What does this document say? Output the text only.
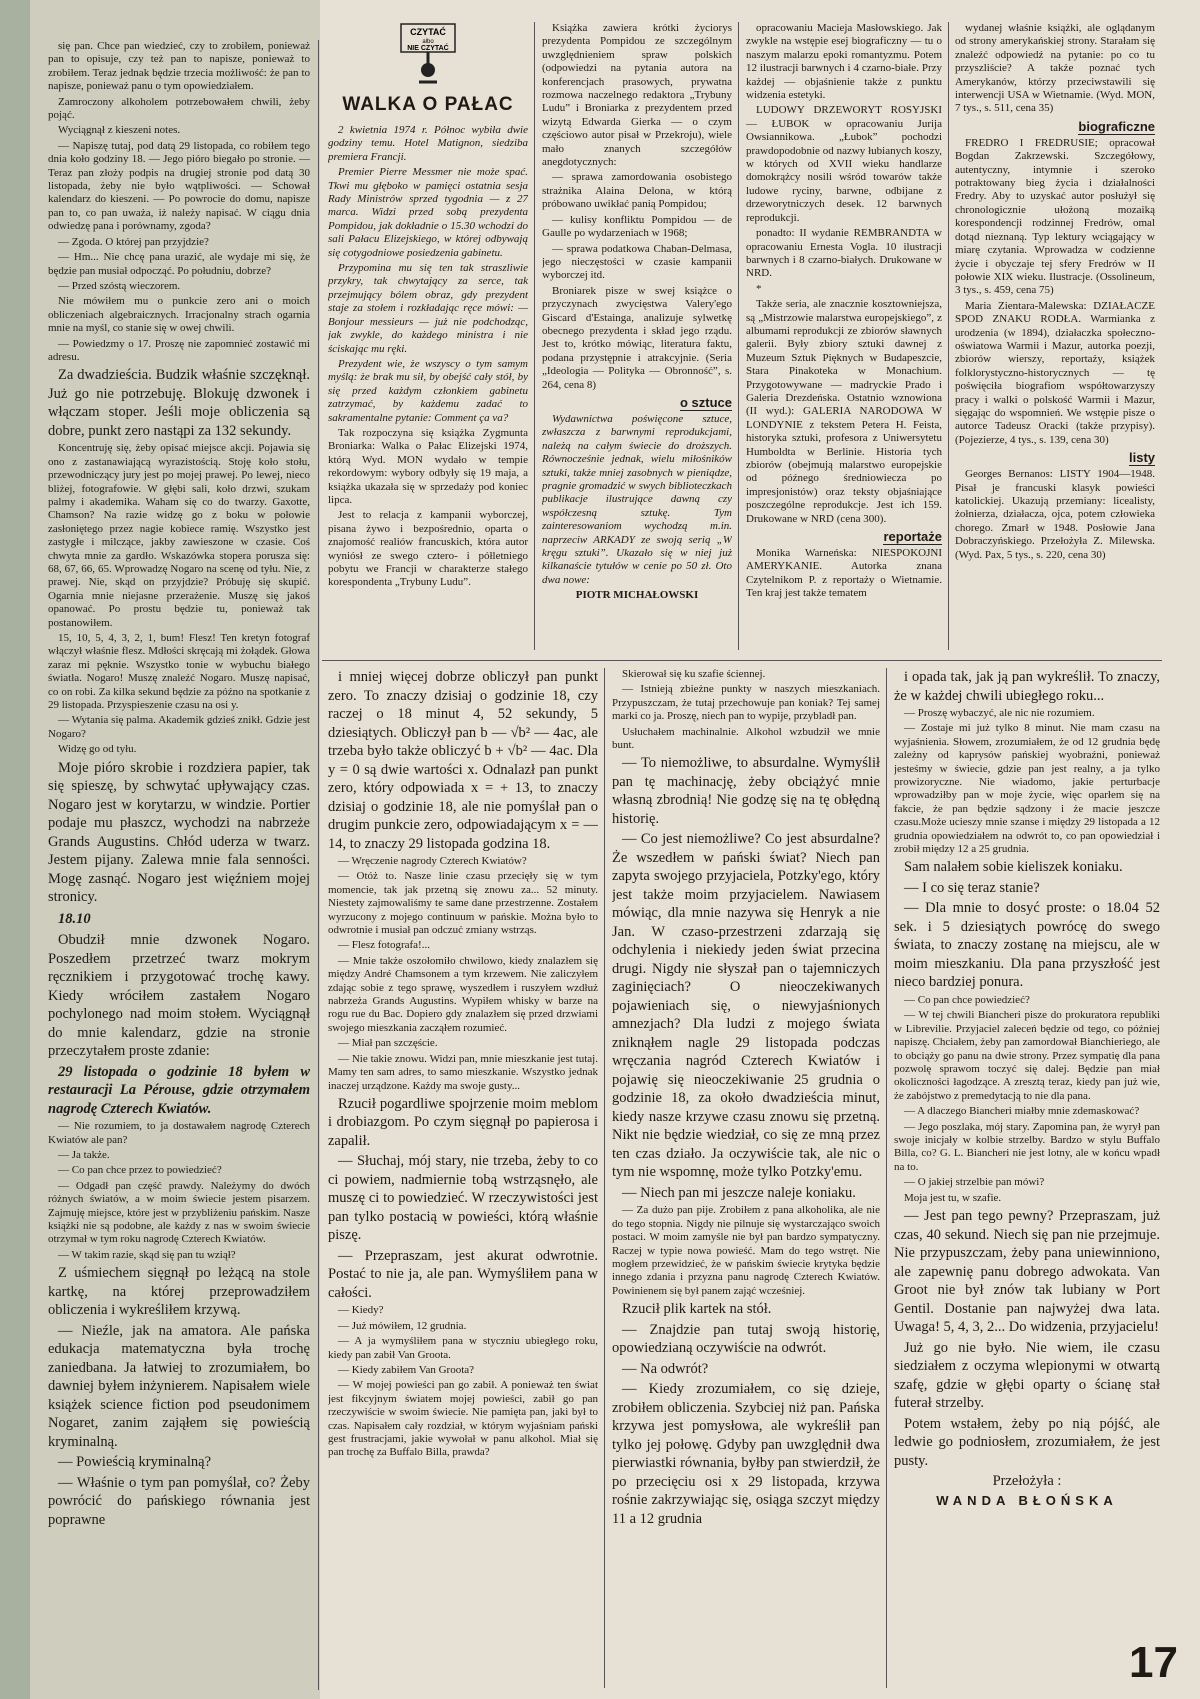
się pan. Chce pan wiedzieć, czy to zrobiłem, ponieważ pan to opisuje, czy też pan to napisze, ponieważ to zrobiłem. Teraz jednak będzie trzecia możliwość: że pan to napisze, ponieważ panu o tym opowiedziałem.

Zamroczony alkoholem potrzebowałem chwili, żeby pojąć.

Wyciągnął z kieszeni notes.

— Napiszę tutaj, pod datą 29 listopada, co robiłem tego dnia koło godziny 18. — Jego pióro biegało po stronie. — Teraz pan złoży podpis na drugiej stronie pod datą 30 listopada, żeby nie było wątpliwości. — Schował kalendarz do kieszeni. — Po powrocie do domu, napisze pan to, co pan uważa, iż należy napisać. W ciągu dnia odwiedzę pana i porównamy, zgoda?

— Zgoda. O której pan przyjdzie?

— Hm... Nie chcę pana urazić, ale wydaje mi się, że będzie pan musiał odpocząć. Po południu, dobrze?

— Przed szóstą wieczorem.

Nie mówiłem mu o punkcie zero ani o moich obliczeniach algebraicznych. Irracjonalny strach ogarnia mnie na myśl, co stanie się w owej chwili.

— Powiedzmy o 17. Proszę nie zapomnieć zostawić mi adresu.

Za dwadzieścia. Budzik właśnie szczęknął. Już go nie potrzebuję. Blokuję dzwonek i włączam stoper. Jeśli moje obliczenia są dobre, punkt zero nastąpi za 132 sekundy.

Koncentruję się, żeby opisać miejsce akcji. Pojawia się ono z zastanawiającą wyrazistością. Stoję koło stołu, przewodniczący jury jest po mojej prawej. Po lewej, nieco bliżej, fotografowie. W głębi sali, koło drzwi, szukam palmy i akademika. Waham się co do twarzy. Gaxotte, Chamson? Na razie widzę go z boku w połowie zasłoniętego przez nagie kobiece ramię. Wszystko jest zastygłe i milczące, jakby zawieszone w czasie. Coś chwyta mnie za gardło. Wskazówka stopera porusza się: 68, 67, 66, 65. Wprowadzę Nogaro na scenę od tyłu. Nie, z prawej. Nie, skąd on przyjdzie? Próbuję się skupić. Ogarnia mnie niejasne przerażenie. Muszę się jakoś opanować. Po prostu będzie tu, ponieważ tak postanowiłem.

15, 10, 5, 4, 3, 2, 1, bum! Flesz! Ten kretyn fotograf włączył właśnie flesz. Mdłości skręcają mi żołądek. Głowa zaraz mi pęknie. Wszystko tonie w wybuchu białego światła. Nogaro! Muszę znaleźć Nogaro. Muszę napisać, co on robi. Za kilka sekund będzie za późno na spotkanie z 29 listopada. Przyspieszenie czasu na osi y.

— Wytania się palma. Akademik gdzieś znikł. Gdzie jest Nogaro?

Widzę go od tyłu.

Moje pióro skrobie i rozdziera papier, tak się spieszę, by schwytać upływający czas. Nogaro jest w korytarzu, w windzie. Portier podaje mu płaszcz, wychodzi na nabrzeże Grands Augustins. Chłód uderza w twarz. Jestem pijany. Zalewa mnie fala senności. Mogę zasnąć. Nogaro jest więźniem mojej stronicy.

18.10

Obudził mnie dzwonek Nogaro. Poszedłem przetrzeć twarz mokrym ręcznikiem i przygotować trochę kawy. Kiedy wróciłem zastałem Nogaro pochylonego nad moim stołem. Wyciągnął do mnie kalendarz, gdzie na stronie przeczytałem proste zdanie:

29 listopada o godzinie 18 byłem w restauracji La Pérouse, gdzie otrzymałem nagrodę Czterech Kwiatów.

— Nie rozumiem, to ja dostawałem nagrodę Czterech Kwiatów ale pan?

— Ja także.

— Co pan chce przez to powiedzieć?

— Odgadł pan część prawdy. Należymy do dwóch różnych światów, a w moim świecie jestem pisarzem. Zajmuję miejsce, które jest w przybliżeniu pańskim. Nasze książki nie są podobne, ale każdy z nas w swoim świecie otrzymał w tym roku nagrodę Czterech Kwiatów.

— W takim razie, skąd się pan tu wziął?

Z uśmiechem sięgnął po leżącą na stole kartkę, na której przeprowadziłem obliczenia i wykreśliłem krzywą.

— Nieźle, jak na amatora. Ale pańska edukacja matematyczna była trochę zaniedbana. Ja łatwiej to zrozumiałem, bo dawniej byłem inżynierem. Napisałem wiele książek science fiction pod pseudonimem Nogaret, zanim zająłem się powieścią kryminalną.

— Powieścią kryminalną?

— Właśnie o tym pan pomyślał, co? Żeby powrócić do pańskiego równania jest poprawne

CZYTAĆ
albo
NIE CZYTAĆ
WALKA O PAŁAC

2 kwietnia 1974 r. Północ wybiła dwie godziny temu. Hotel Matignon, siedziba premiera Francji.

Premier Pierre Messmer nie może spać. Tkwi mu głęboko w pamięci ostatnia sesja Rady Ministrów sprzed tygodnia — z 27 marca. Widzi przed sobą prezydenta Pompidou, jak dokładnie o 15.30 wchodzi do sali Pałacu Elizejskiego, w której odbywają się cotygodniowe posiedzenia gabinetu.

Przypomina mu się ten tak straszliwie przykry, tak chwytający za serce, tak przejmujący bólem obraz, gdy prezydent staje za stołem i rozkładając ręce mówi: — Bonjour messieurs — już nie podchodząc, jak zwykle, do każdego ministra i nie ściskając mu ręki.

Prezydent wie, że wszyscy o tym samym myślą: że brak mu sił, by obejść cały stół, by się przed każdym członkiem gabinetu zatrzymać, by każdemu zadać to sakramentalne pytanie: Comment ça va?

Tak rozpoczyna się książka Zygmunta Broniarka: Walka o Pałac Elizejski 1974, którą Wyd. MON wydało w tempie rekordowym: wybory odbyły się 19 maja, a książka ukazała się w sprzedaży pod koniec lipca.

Jest to relacja z kampanii wyborczej, pisana żywo i bezpośrednio, oparta o znajomość realiów francuskich, która autor wyniósł ze swego cztero- i półletniego pobytu we Francji w charakterze stałego korespondenta „Trybuny Ludu”.

Książka zawiera krótki życiorys prezydenta Pompidou ze szczególnym uwzględnieniem spraw polskich (odpowiedzi na pytania autora na konferencjach prasowych, prywatna rozmowa naczelnego redaktora „Trybuny Ludu” i Broniarka z prezydentem przed wizytą Edwarda Gierka — o czym częściowo autor pisał w Przekroju), wiele mało znanych szczegółów anegdotycznych:

— sprawa zamordowania osobistego strażnika Alaina Delona, w którą próbowano uwikłać panią Pompidou;

— kulisy konfliktu Pompidou — de Gaulle po wydarzeniach w 1968;

— sprawa podatkowa Chaban-Delmasa, jego nieczęstości w czasie kampanii wyborczej itd.

Broniarek pisze w swej książce o przyczynach zwycięstwa Valery'ego Giscard d'Estainga, analizuje sylwetkę obecnego prezydenta i skład jego rządu. Jest to, krótko mówiąc, literatura faktu, podana przystępnie i atrakcyjnie. (Seria „Ideologia — Polityka — Obronność”, s. 264, cena 8)

o sztuce

Wydawnictwa poświęcone sztuce, zwłaszcza z barwnymi reprodukcjami, należą na całym świecie do droższych. Równocześnie jednak, wielu miłośników sztuki, także mniej zasobnych w pieniądze, pragnie gromadzić w swych biblioteczkach publikacje ilustrujące dawną czy współczesną sztukę. Tym zainteresowaniom wychodzą m.in. naprzeciw ARKADY ze swoją serią „W kręgu sztuki”. Ukazało się w niej już kilkanaście tytułów w cenie po 50 zł. Oto dwa nowe:

PIOTR MICHAŁOWSKI

opracowaniu Macieja Masłowskiego. Jak zwykle na wstępie esej biograficzny — tu o naszym malarzu epoki romantyzmu. Potem 12 ilustracji barwnych i 4 czarno-białe. Przy każdej — objaśnienie także z punktu widzenia estetyki.

LUDOWY DRZEWORYT ROSYJSKI — ŁUBOK w opracowaniu Jurija Owsiannikowa. „Łubok” pochodzi prawdopodobnie od nazwy łubianych koszy, w których od XVII wieku handlarze domokrążcy nosili wśród towarów także ludowe ryciny, barwne, odbijane z drzeworytniczych desek. 12 barwnych reprodukcji.

ponadto: II wydanie REMBRANDTA w opracowaniu Ernesta Vogla. 10 ilustracji barwnych i 8 czarno-białych. Drukowane w NRD.

*

Także seria, ale znacznie kosztowniejsza, są „Mistrzowie malarstwa europejskiego”, z albumami reprodukcji ze zbiorów sławnych galerii. Były zbiory sztuki dawnej z Muzeum Sztuk Pięknych w Budapeszcie, Stara Pinakoteka w Monachium. Przygotowywane — madryckie Prado i Galeria Drezdeńska. Ostatnio wznowiona (II wyd.): GALERIA NARODOWA W LONDYNIE z tekstem Petera H. Feista, historyka sztuki, profesora z Uniwersytetu Humboldta w Berlinie. Historia tych zbiorów (obejmują malarstwo europejskie od późnego średniowiecza po impresjonistów) oraz teksty objaśniające poszczególne reprodukcje. Jest ich 159. Drukowane w NRD (cena 300).

reportaże

Monika Warneńska: NIESPOKOJNI AMERYKANIE. Autorka znana Czytelnikom P. z reportaży o Wietnamie. Ten kraj jest także tematem

wydanej właśnie książki, ale oglądanym od strony amerykańskiej strony. Starałam się znaleźć odpowiedź na pytanie: po co tu przyszliście? A także poznać tych Amerykanów, którzy przeciwstawili się interwencji USA w Wietnamie. (Wyd. MON, 7 tys., s. 511, cena 35)

biograficzne

FREDRO I FREDRUSIE; opracował Bogdan Zakrzewski. Szczegółowy, autentyczny, intymnie i szeroko potraktowany bieg życia i działalności Fredry. Aby to uzyskać autor posłużył się chronologicznie ułożoną mozaiką korespondencji rodzinnej Fredrów, omal dotąd nieznaną. Typ lektury wciągający w miarę czytania. Wprowadza w codzienne życie i obyczaje tej sfery Fredrów w II połowie XIX wieku. Ilustracje. (Ossolineum, 3 tys., s. 459, cena 75)

Maria Zientara-Malewska: DZIAŁACZE SPOD ZNAKU RODŁA. Warmianka z urodzenia (w 1894), działaczka społeczno-oświatowa Warmii i Mazur, autorka poezji, zbiorów wierszy, reportaży, książek folklorystyczno-historycznych — tę poświęciła biografiom współtowarzyszy pracy i walki o polskość Warmii i Mazur, sięgając do wspomnień. We wstępie pisze o autorce Tadeusz Oracki (także przypisy). (Pojezierze, 4 tys., s. 139, cena 30)

listy

Georges Bernanos: LISTY 1904—1948. Pisał je francuski klasyk powieści katolickiej. Ukazują przemiany: licealisty, żołnierza, działacza, ojca, potem człowieka chorego. Zmarł w 1948. Posłowie Jana Dobraczyńskiego. Przełożyła Z. Milewska. (Wyd. Pax, 5 tys., s. 220, cena 30)

i mniej więcej dobrze obliczył pan punkt zero. To znaczy dzisiaj o godzinie 18, czy raczej o 18 minut 4, 52 sekundy, 5 dziesiątych. Obliczył pan b — √b² — 4ac, ale trzeba było także obliczyć b + √b² — 4ac. Dla y = 0 są dwie wartości x. Odnalazł pan punkt zero, który odpowiada x = + 13, to znaczy dzisiaj o godzinie 18, ale nie pomyślał pan o drugim punkcie zero, odpowiadającym x = — 14, to znaczy 29 listopada godzina 18.

— Wręczenie nagrody Czterech Kwiatów?

— Otóż to. Nasze linie czasu przecięły się w tym momencie, tak jak przetną się znowu za... 52 minuty. Niestety zajmowaliśmy te same dane przestrzenne. Zostałem wyrzucony z mojego continuum w pańskie. Można było to odwrotnie i musiał pan odczuć zmiany wstrząs.

— Flesz fotografa!...

— Mnie także oszołomiło chwilowo, kiedy znalazłem się między André Chamsonem a tym krzewem. Nie zaliczyłem zdając sobie z tego sprawę, wyszedłem i ruszyłem wzdłuż nabrzeża Grands Augustins. Wypiłem whisky w barze na rogu rue du Bac. Dopiero gdy znalazłem się przed drzwiami swojego mieszkania zacząłem rozumieć.

— Miał pan szczęście.

— Nie takie znowu. Widzi pan, mnie mieszkanie jest tutaj. Mamy ten sam adres, to samo mieszkanie. Wszystko jednak inaczej urządzone. Każdy ma swoje gusty...

Rzucił pogardliwe spojrzenie moim meblom i drobiazgom. Po czym sięgnął po papierosa i zapalił.

— Słuchaj, mój stary, nie trzeba, żeby to co ci powiem, nadmiernie tobą wstrząsnęło, ale muszę ci to powiedzieć. W rzeczywistości jest pan tylko postacią w powieści, którą właśnie piszę.

— Przepraszam, jest akurat odwrotnie. Postać to nie ja, ale pan. Wymyśliłem pana w całości.

— Kiedy?

— Już mówiłem, 12 grudnia.

— A ja wymyśliłem pana w styczniu ubiegłego roku, kiedy pan zabił Van Groota.

— Kiedy zabiłem Van Groota?

— W mojej powieści pan go zabił. A ponieważ ten świat jest fikcyjnym światem mojej powieści, zabił go pan rzeczywiście w swoim świecie. Nie pamięta pan, jaki był to czas. Napisałem cały rozdział, w którym wyjaśniam pański gest frustracjami, jakie wywołał w panu alkohol. Miał się pan trochę za Buffalo Billa, prawda?

Skierował się ku szafie ściennej.

— Istnieją zbieżne punkty w naszych mieszkaniach. Przypuszczam, że tutaj przechowuje pan koniak? Tej samej marki co ja. Proszę, niech pan to wypije, przybladł pan.

Usłuchałem machinalnie. Alkohol wzbudził we mnie bunt.

— To niemożliwe, to absurdalne. Wymyślił pan tę machinację, żeby obciążyć mnie własną zbrodnią! Nie godzę się na tę obłędną historię.

— Co jest niemożliwe? Co jest absurdalne? Że wszedłem w pański świat? Niech pan zapyta swojego przyjaciela, Potzky'ego, który jest także moim przyjacielem. Nawiasem mówiąc, dla mnie nazywa się Henryk a nie Jan. W czaso-przestrzeni zdarzają się odchylenia i niekiedy jeden świat przecina drugi. Nigdy nie słyszał pan o tajemniczych zaginięciach? O nieoczekiwanych pojawieniach się, o niewyjaśnionych amnezjach? Dla ludzi z mojego świata zniknąłem nagle 29 listopada podczas wręczania nagród Czterech Kwiatów i pojawię się nieoczekiwanie 25 grudnia o godzinie 18, za około dwadzieścia minut, kiedy nasze krzywe czasu znowu się przetną. Nikt nie będzie wiedział, co się ze mną przez ten czas działo. Ja oczywiście tak, ale nic o tym nie wspomnę, może tylko Potzky'emu.

— Niech pan mi jeszcze naleje koniaku.

— Za dużo pan pije. Zrobiłem z pana alkoholika, ale nie do tego stopnia. Nigdy nie pilnuje się wystarczająco swoich postaci. W moim zamyśle nie był pan bardzo sympatyczny. Raczej w typie nowa powieść. Mam do tego wstręt. Nie mogłem przewidzieć, że w pańskim świecie krytyka będzie innego zdania i przyzna panu nagrodę Czterech Kwiatów. Powinienem się był panem zająć wcześniej.

Rzucił plik kartek na stół.

— Znajdzie pan tutaj swoją historię, opowiedzianą oczywiście na odwrót.

— Na odwrót?

— Kiedy zrozumiałem, co się dzieje, zrobiłem obliczenia. Szybciej niż pan. Pańska krzywa jest pomysłowa, ale wykreślił pan tylko jej połowę. Gdyby pan uwzględnił dwa pierwiastki równania, byłby pan stwierdził, że po przecięciu osi x 29 listopada, krzywa rośnie zakrzywiając się, osiąga szczyt między 11 a 12 grudnia

i opada tak, jak ją pan wykreślił. To znaczy, że w każdej chwili ubiegłego roku...

— Proszę wybaczyć, ale nic nie rozumiem.

— Zostaje mi już tylko 8 minut. Nie mam czasu na wyjaśnienia. Słowem, zrozumiałem, że od 12 grudnia będę zależny od kaprysów pańskiej wyobraźni, ponieważ jesteśmy w świecie, gdzie pan jest realny, a ja tylko prowizoryczne. Nie wiadomo, jakie perturbacje wprowadziłby pan w moje życie, więc oparłem się na fakcie, że pan będzie sądzony i że macie jeszcze czasu.Może ucieszy mnie szanse i między 29 listopada a 12 grudnia opowiedziałem na odwrót to, co pan opowiedział i zrobił między 12 a 25 grudnia.

Sam nalałem sobie kieliszek koniaku.

— I co się teraz stanie?

— Dla mnie to dosyć proste: o 18.04 52 sek. i 5 dziesiątych powrócę do swego świata, to znaczy zostanę na miejscu, ale w moim mieszkaniu. Dla pana przyszłość jest nieco bardziej ponura.

— Co pan chce powiedzieć?

— W tej chwili Biancheri pisze do prokuratora republiki w Librevilie. Przyjaciel zaleceń będzie od tego, co później napiszę. Chciałem, żeby pan zamordował Bianchieriego, ale to obciąży go panu na dwie strony. Przez sympatię dla pana pozwolę sprawom toczyć się dalej. Będzie pan miał okoliczności łagodzące. A zresztą teraz, kiedy pan już wie, że zabójstwo z premedytacją to nie dla pana.

— A dlaczego Biancheri miałby mnie zdemaskować?

— Jego poszlaka, mój stary. Zapomina pan, że wyrył pan swoje inicjały w kolbie strzelby. Bardzo w stylu Buffalo Billa, co? G. L. Biancheri nie jest lotny, ale w końcu wpadł na to.

— O jakiej strzelbie pan mówi?

Moja jest tu, w szafie.

— Jest pan tego pewny? Przepraszam, już czas, 40 sekund. Niech się pan nie przejmuje. Nie przypuszczam, żeby pana uniewinniono, ale zapewnię panu dobrego adwokata. Van Groot nie był znów tak lubiany w Port Gentil. Dostanie pan najwyżej dwa lata. Uwaga! 5, 4, 3, 2... Do widzenia, przyjacielu!

Już go nie było. Nie wiem, ile czasu siedziałem z oczyma wlepionymi w otwartą szafę, gdzie w głębi oparty o ścianę stał futerał strzelby.

Potem wstałem, żeby po nią pójść, ale ledwie go podniosłem, zrozumiałem, że jest pusty.

Przełożyła :

WANDA BŁOŃSKA
17
